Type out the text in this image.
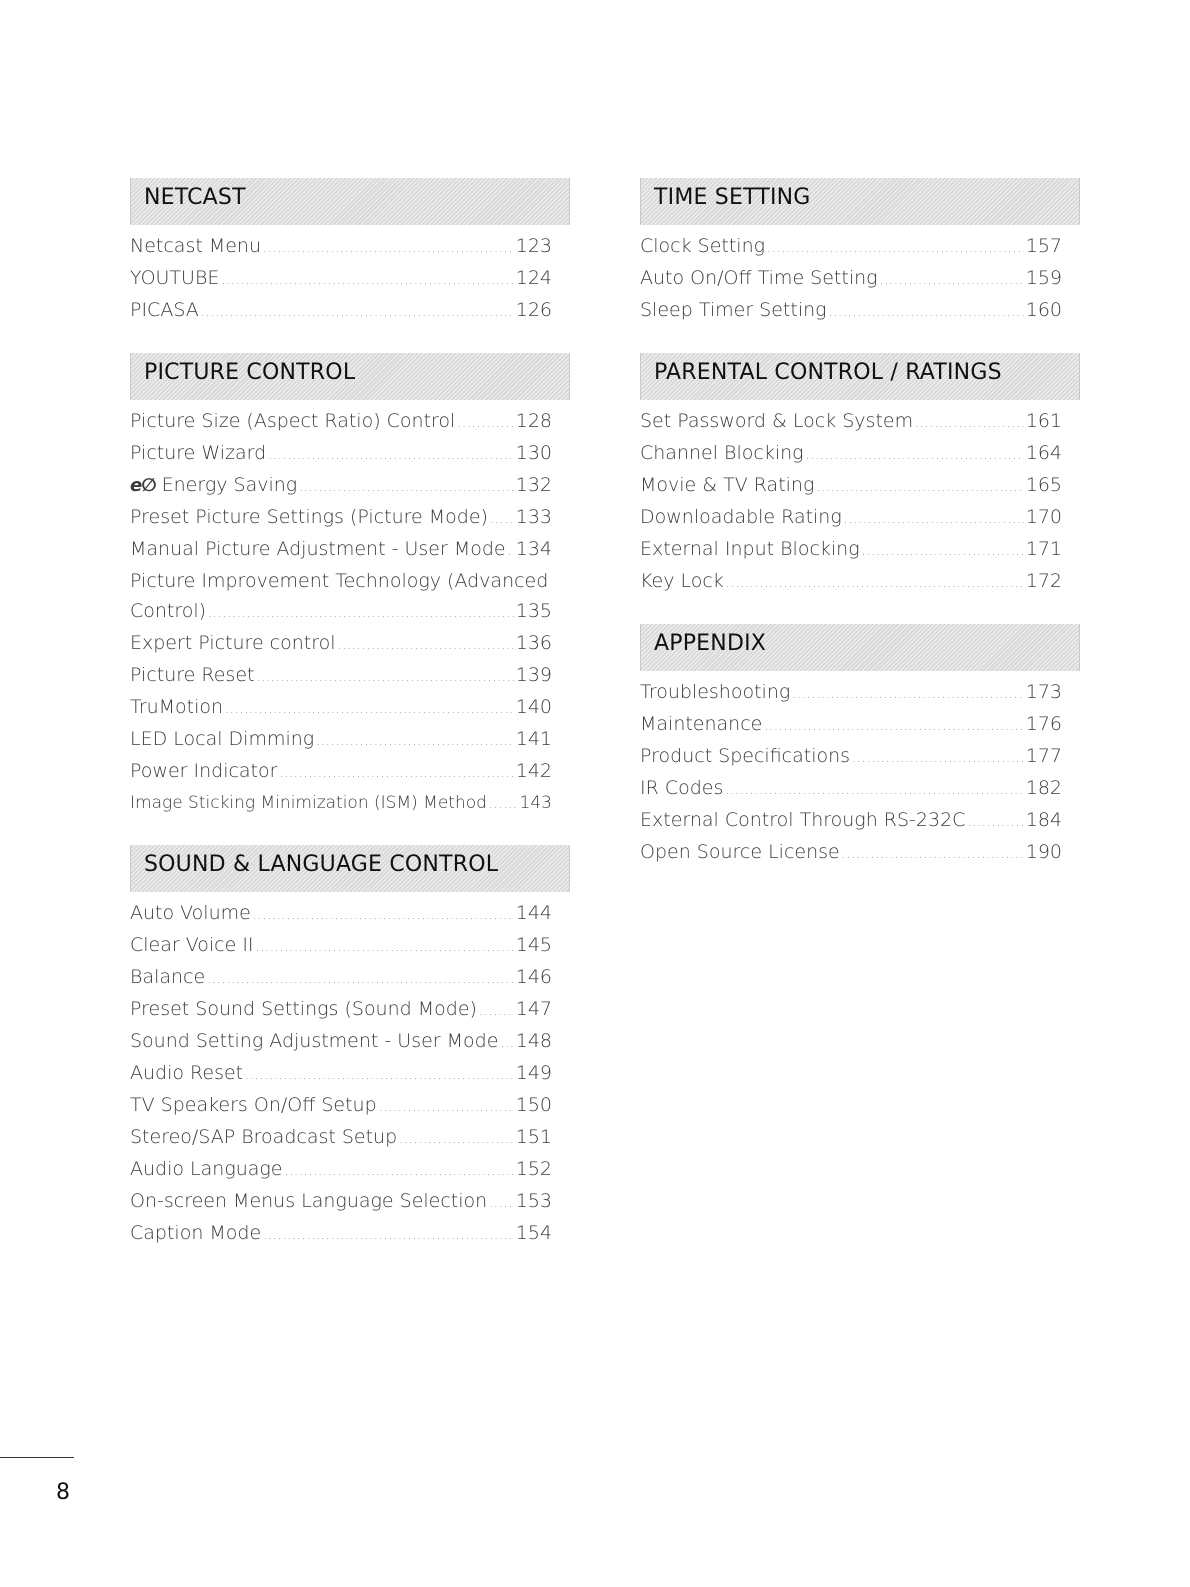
NETCAST
Netcast Menu .....	123
YOUTUBE .....	124
PICASA .....	126
PICTURE CONTROL
Picture Size (Aspect Ratio) Control .....	128
Picture Wizard .....	130
e∅ Energy Saving .....	132
Preset Picture Settings (Picture Mode) ..... 133
Manual Picture Adjustment - User Mode ..... 134
Picture Improvement Technology (Advanced
Control) .....	135
Expert Picture control .....	136
Picture Reset .....	139
TruMotion .....	140
LED Local Dimming .....	141
Power Indicator .....	142
Image Sticking Minimization (ISM) Method ..... 143
SOUND & LANGUAGE CONTROL
Auto Volume .....	144
Clear Voice II .....	145
Balance .....	146
Preset Sound Settings (Sound Mode) ..... 147
Sound Setting Adjustment - User Mode ..... 148
Audio Reset .....	149
TV Speakers On/Off Setup .....	150
Stereo/SAP Broadcast Setup .....	151
Audio Language .....	152
On-screen Menus Language Selection ..... 153
Caption Mode .....	154
TIME SETTING
Clock Setting .....	157
Auto On/Off Time Setting .....	159
Sleep Timer Setting .....	160
PARENTAL CONTROL / RATINGS
Set Password & Lock System .....	161
Channel Blocking .....	164
Movie & TV Rating .....	165
Downloadable Rating .....	170
External Input Blocking .....	171
Key Lock .....	172
APPENDIX
Troubleshooting .....	173
Maintenance .....	176
Product Specifications .....	177
IR Codes .....	182
External Control Through RS-232C .....	184
Open Source License .....	190
8
